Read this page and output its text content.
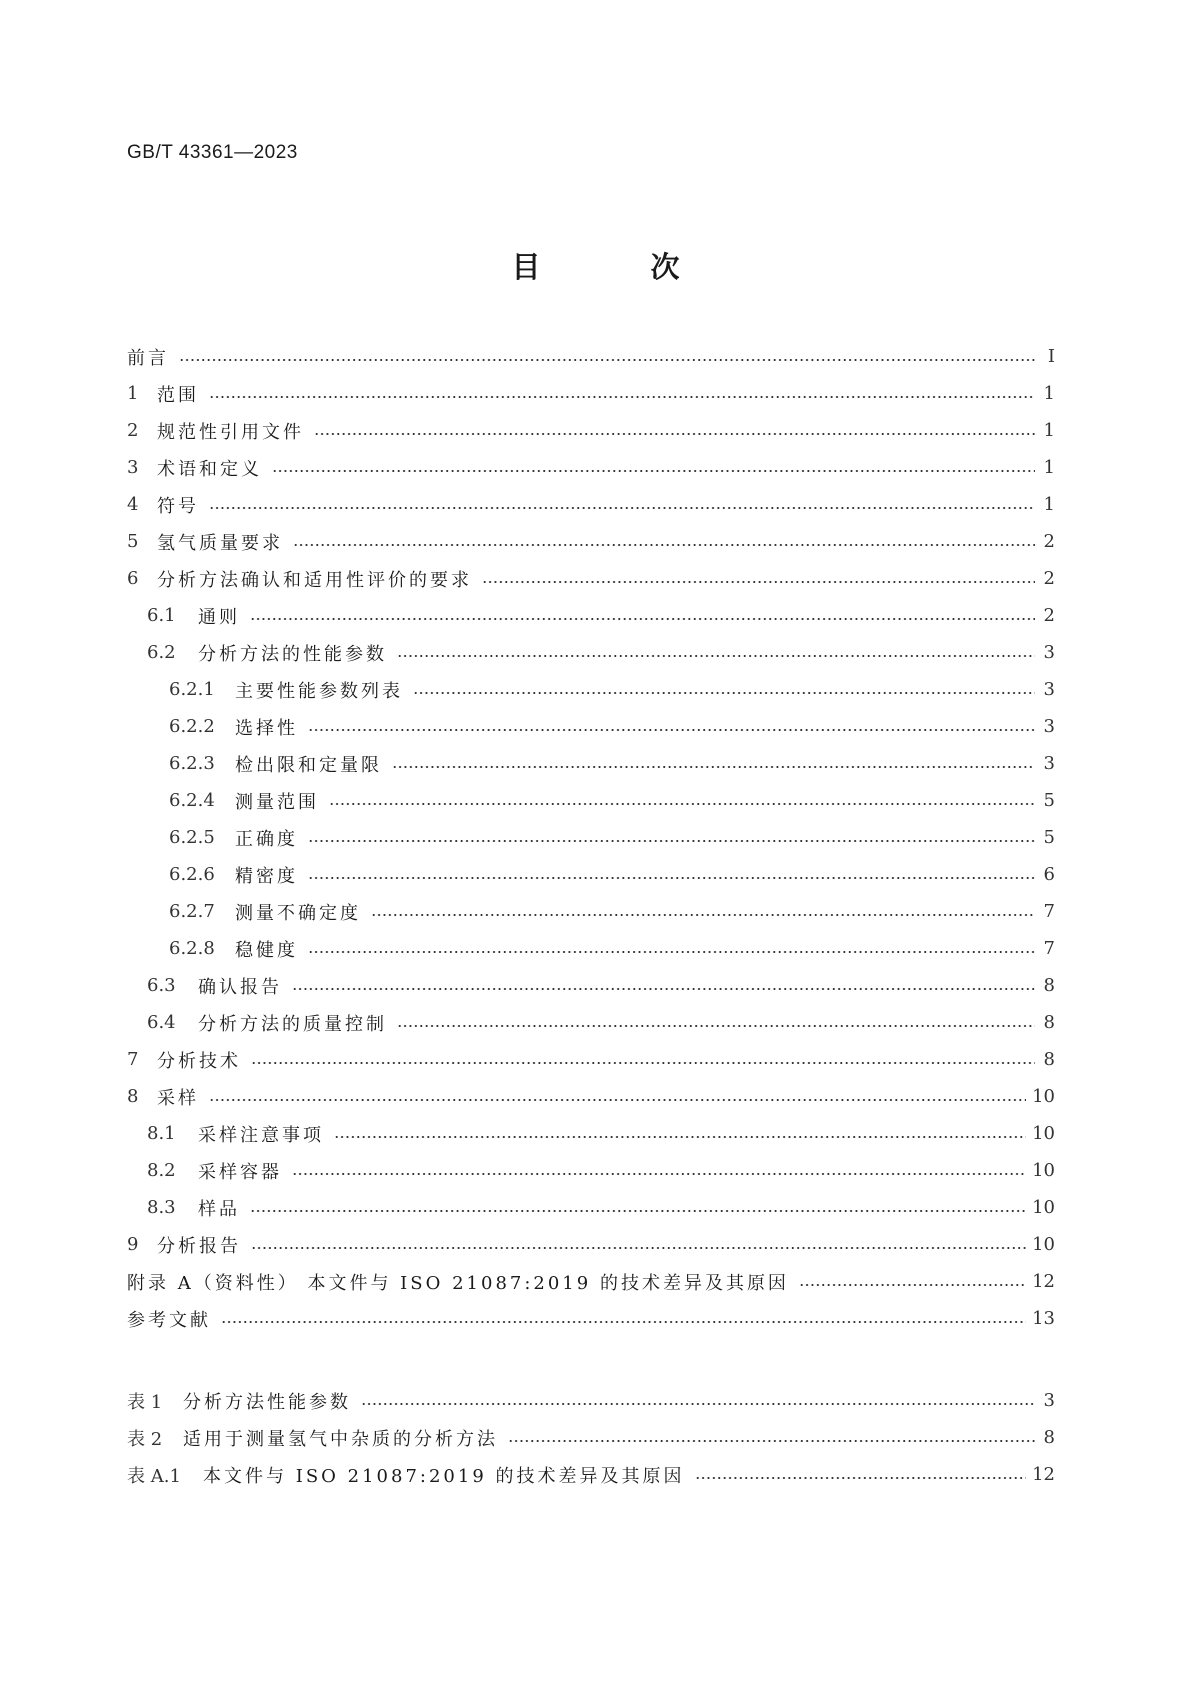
GB/T 43361—2023
目 次
前言	Ⅰ
1	范围	1
2	规范性引用文件	1
3	术语和定义	1
4	符号	1
5	氢气质量要求	2
6	分析方法确认和适用性评价的要求	2
6.1	通则	2
6.2	分析方法的性能参数	3
6.2.1	主要性能参数列表	3
6.2.2	选择性	3
6.2.3	检出限和定量限	3
6.2.4	测量范围	5
6.2.5	正确度	5
6.2.6	精密度	6
6.2.7	测量不确定度	7
6.2.8	稳健度	7
6.3	确认报告	8
6.4	分析方法的质量控制	8
7	分析技术	8
8	采样	10
8.1	采样注意事项	10
8.2	采样容器	10
8.3	样品	10
9	分析报告	10
附录 A（资料性） 本文件与 ISO 21087:2019 的技术差异及其原因	12
参考文献	13
表 1	分析方法性能参数	3
表 2	适用于测量氢气中杂质的分析方法	8
表 A.1	本文件与 ISO 21087:2019 的技术差异及其原因	12
